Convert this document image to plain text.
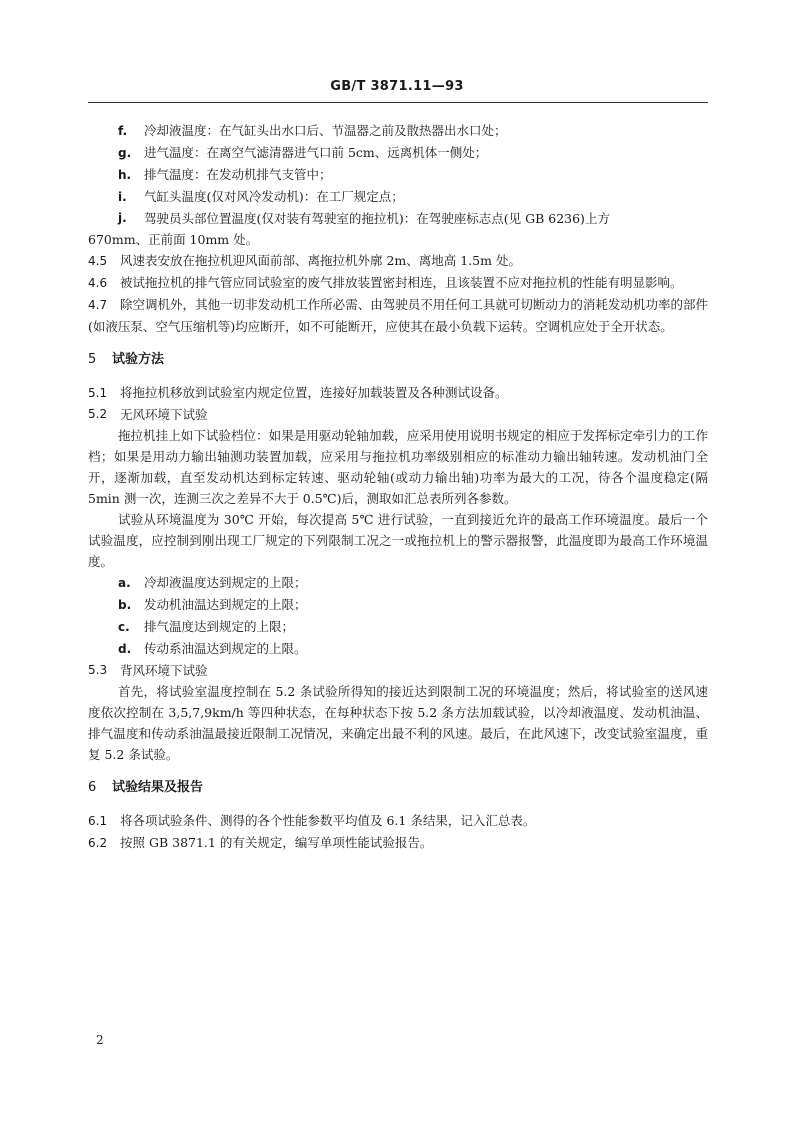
GB/T 3871.11—93
f.	冷却液温度：在气缸头出水口后、节温器之前及散热器出水口处；
g.	进气温度：在离空气滤清器进气口前 5cm、远离机体一侧处；
h.	排气温度：在发动机排气支管中；
i.	气缸头温度(仅对风冷发动机)：在工厂规定点；
j.	驾驶员头部位置温度(仅对装有驾驶室的拖拉机)：在驾驶座标志点(见 GB 6236)上方
670mm、正前面 10mm 处。
4.5 风速表安放在拖拉机迎风面前部、离拖拉机外廓 2m、离地高 1.5m 处。
4.6 被试拖拉机的排气管应同试验室的废气排放装置密封相连，且该装置不应对拖拉机的性能有明显影响。
4.7 除空调机外，其他一切非发动机工作所必需、由驾驶员不用任何工具就可切断动力的消耗发动机功率的部件(如液压泵、空气压缩机等)均应断开，如不可能断开，应使其在最小负载下运转。空调机应处于全开状态。
5	试验方法
5.1 将拖拉机移放到试验室内规定位置，连接好加载装置及各种测试设备。
5.2	无风环境下试验
拖拉机挂上如下试验档位：如果是用驱动轮轴加载，应采用使用说明书规定的相应于发挥标定牵引力的工作档；如果是用动力输出轴测功装置加载，应采用与拖拉机功率级别相应的标准动力输出轴转速。发动机油门全开，逐渐加载，直至发动机达到标定转速、驱动轮轴(或动力输出轴)功率为最大的工况，待各个温度稳定(隔 5min 测一次，连测三次之差异不大于 0.5℃)后，测取如汇总表所列各参数。
试验从环境温度为 30℃ 开始，每次提高 5℃ 进行试验，一直到接近允许的最高工作环境温度。最后一个试验温度，应控制到刚出现工厂规定的下列限制工况之一或拖拉机上的警示器报警，此温度即为最高工作环境温度。
a.	冷却液温度达到规定的上限；
b.	发动机油温达到规定的上限；
c.	排气温度达到规定的上限；
d.	传动系油温达到规定的上限。
5.3	背风环境下试验
首先，将试验室温度控制在 5.2 条试验所得知的接近达到限制工况的环境温度；然后，将试验室的送风速度依次控制在 3,5,7,9km/h 等四种状态，在每种状态下按 5.2 条方法加载试验，以冷却液温度、发动机油温、排气温度和传动系油温最接近限制工况情况，来确定出最不利的风速。最后，在此风速下，改变试验室温度，重复 5.2 条试验。
6	试验结果及报告
6.1 将各项试验条件、测得的各个性能参数平均值及 6.1 条结果，记入汇总表。
6.2 按照 GB 3871.1 的有关规定，编写单项性能试验报告。
2
